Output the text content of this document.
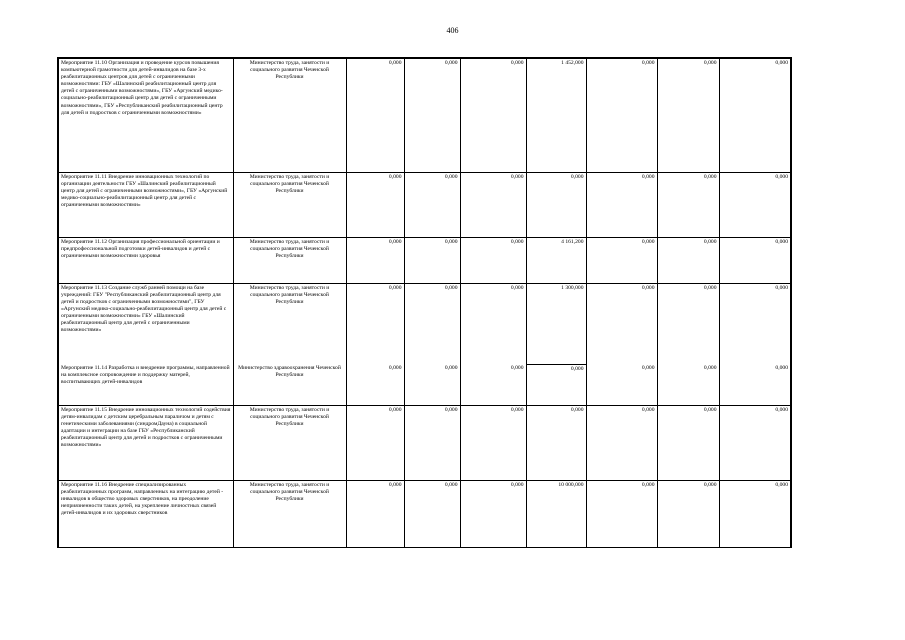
406
Мероприятие 11.10 Организация и проведение курсов повышения компьютерной грамотности для детей-инвалидов на базе 3-х реабилитационных центров для детей с ограниченными возможностями: ГБУ «Шалинский реабилитационный центр для детей с ограниченными возможностями», ГБУ «Аргунский медико-социально-реабилитационный центр для детей с ограниченными возможностями», ГБУ «Республиканский реабилитационный центр для детей и подростков с ограниченными возможностями»	Министерство труда, занятости и социального развития Чеченской Республики	0,000	0,000	0,000	1 452,000	0,000	0,000	0,000
Мероприятие 11.11 Внедрение инновационных технологий по организации деятельности ГБУ «Шалинский реабилитационный центр для детей с ограниченными возможностями», ГБУ «Аргунский медико-социально-реабилитационный центр для детей с ограниченными возможностями»	Министерство труда, занятости и социального развития Чеченской Республики	0,000	0,000	0,000	0,000	0,000	0,000	0,000
Мероприятие 11.12 Организация профессиональной ориентации и предпрофессиональной подготовки детей-инвалидов и детей с ограниченными возможностями здоровья	Министерство труда, занятости и социального развития Чеченской Республики	0,000	0,000	0,000	4 161,200	0,000	0,000	0,000
Мероприятие 11.13 Создание служб ранней помощи на базе учреждений: ГБУ "Республиканский реабилитационный центр для детей и подростков с ограниченными возможностями", ГБУ «Аргунский медико-социально-реабилитационный центр для детей с ограниченными возможностями» ГБУ «Шалинский реабилитационный центр для детей с ограниченными возможностями»	Министерство труда, занятости и социального развития Чеченской Республики	0,000	0,000	0,000	1 300,000	0,000	0,000	0,000
Мероприятие 11.14 Разработка и внедрение программы, направленной на комплексное сопровождение и поддержку матерей, воспитывающих детей-инвалидов	Министерство здравоохранения Чеченской Республики	0,000	0,000	0,000	0,000	0,000	0,000	0,000
Мероприятие 11.15 Внедрение инновационных технологий содействия детям-инвалидам с детским церебральным параличом и детям с генетическими заболеваниями (синдромДауна) в социальной адаптации и интеграции на базе ГБУ «Республиканский реабилитационный центр для детей и подростков с ограниченными возможностями»	Министерство труда, занятости и социального развития Чеченской Республики	0,000	0,000	0,000	0,000	0,000	0,000	0,000
Мероприятие 11.16 Внедрение специализированных реабилитационных программ, направленных на интеграцию детей - инвалидов в общество здоровых сверстников, на преодоление неприязненности таких детей, на укрепление личностных связей детей-инвалидов и их здоровых сверстников	Министерство труда, занятости и социального развития Чеченской Республики	0,000	0,000	0,000	10 000,000	0,000	0,000	0,000
